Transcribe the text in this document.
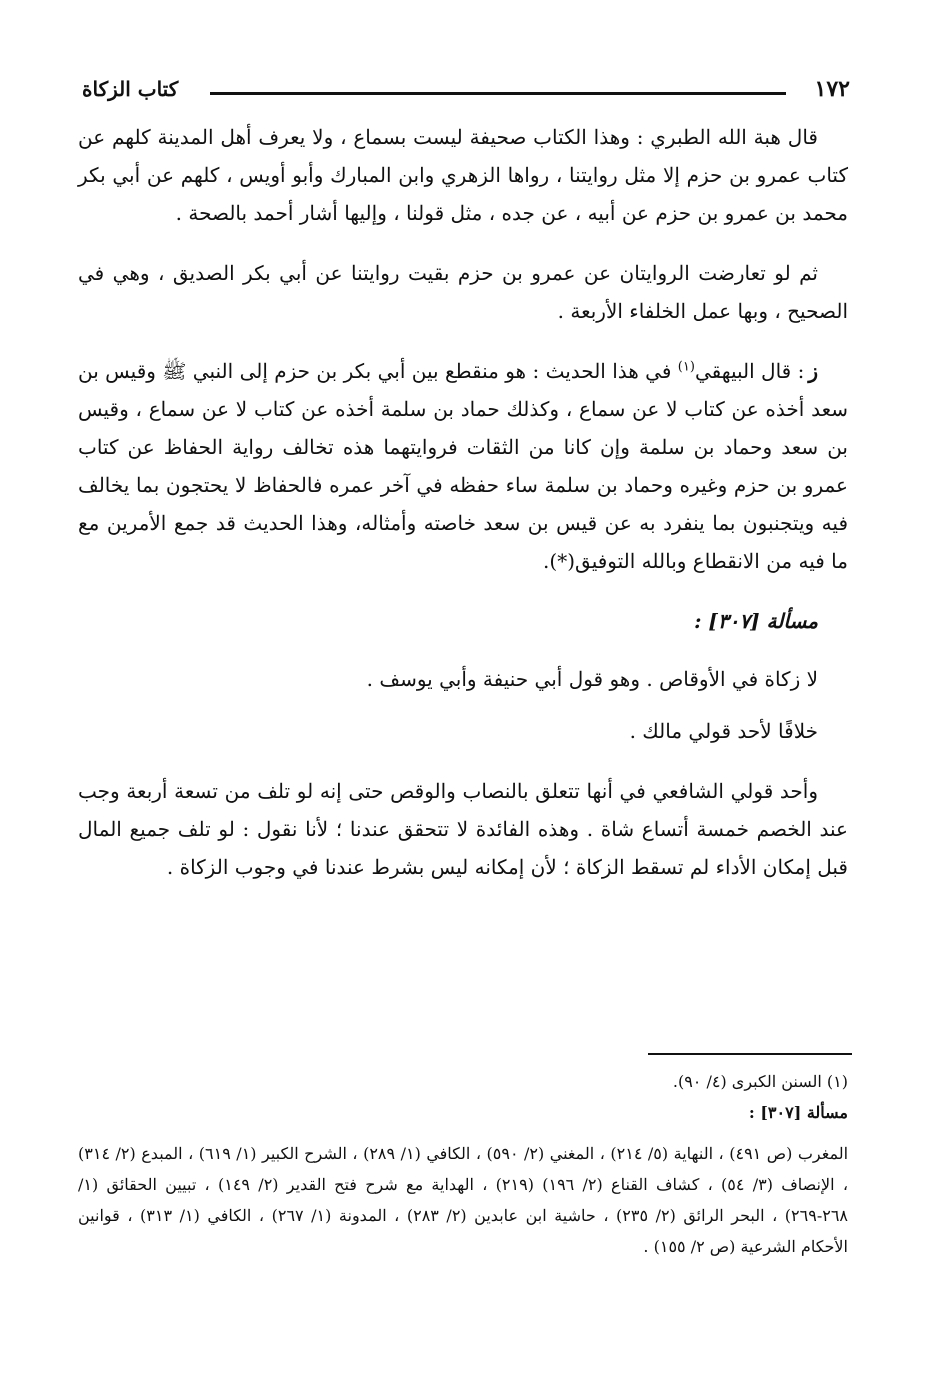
١٧٢
كتاب الزكاة

قال هبة الله الطبري : وهذا الكتاب صحيفة ليست بسماع ، ولا يعرف أهل المدينة كلهم عن كتاب عمرو بن حزم إلا مثل روايتنا ، رواها الزهري وابن المبارك وأبو أويس ، كلهم عن أبي بكر محمد بن عمرو بن حزم عن أبيه ، عن جده ، مثل قولنا ، وإليها أشار أحمد بالصحة .

ثم لو تعارضت الروايتان عن عمرو بن حزم بقيت روايتنا عن أبي بكر الصديق ، وهي في الصحيح ، وبها عمل الخلفاء الأربعة .

ز: قال البيهقي$^{(١)}$ في هذا الحديث : هو منقطع بين أبي بكر بن حزم إلى النبي ﷺ وقيس بن سعد أخذه عن كتاب لا عن سماع ، وكذلك حماد بن سلمة أخذه عن كتاب لا عن سماع ، وقيس بن سعد وحماد بن سلمة وإن كانا من الثقات فروايتهما هذه تخالف رواية الحفاظ عن كتاب عمرو بن حزم وغيره وحماد بن سلمة ساء حفظه في آخر عمره فالحفاظ لا يحتجون بما يخالف فيه ويتجنبون بما ينفرد به عن قيس بن سعد خاصته وأمثاله، وهذا الحديث قد جمع الأمرين مع ما فيه من الانقطاع وبالله التوفيق(*).

مسألة [٣٠٧] :

لا زكاة في الأوقاص . وهو قول أبي حنيفة وأبي يوسف .

خلافًا لأحد قولي مالك .

وأحد قولي الشافعي في أنها تتعلق بالنصاب والوقص حتى إنه لو تلف من تسعة أربعة وجب عند الخصم خمسة أتساع شاة . وهذه الفائدة لا تتحقق عندنا ؛ لأنا نقول : لو تلف جميع المال قبل إمكان الأداء لم تسقط الزكاة ؛ لأن إمكانه ليس بشرط عندنا في وجوب الزكاة .

(١) السنن الكبرى (٤/ ٩٠).

مسألة [٣٠٧] :

المغرب (ص ٤٩١) ، النهاية (٥/ ٢١٤) ، المغني (٢/ ٥٩٠) ، الكافي (١/ ٢٨٩) ، الشرح الكبير (١/ ٦١٩) ، المبدع (٢/ ٣١٤) ، الإنصاف (٣/ ٥٤) ، كشاف القناع (٢/ ١٩٦) (٢١٩) ، الهداية مع شرح فتح القدير (٢/ ١٤٩) ، تبيين الحقائق (١/ ٢٦٨-٢٦٩) ، البحر الرائق (٢/ ٢٣٥) ، حاشية ابن عابدين (٢/ ٢٨٣) ، المدونة (١/ ٢٦٧) ، الكافي (١/ ٣١٣) ، قوانين الأحكام الشرعية (ص ٢/ ١٥٥) .
